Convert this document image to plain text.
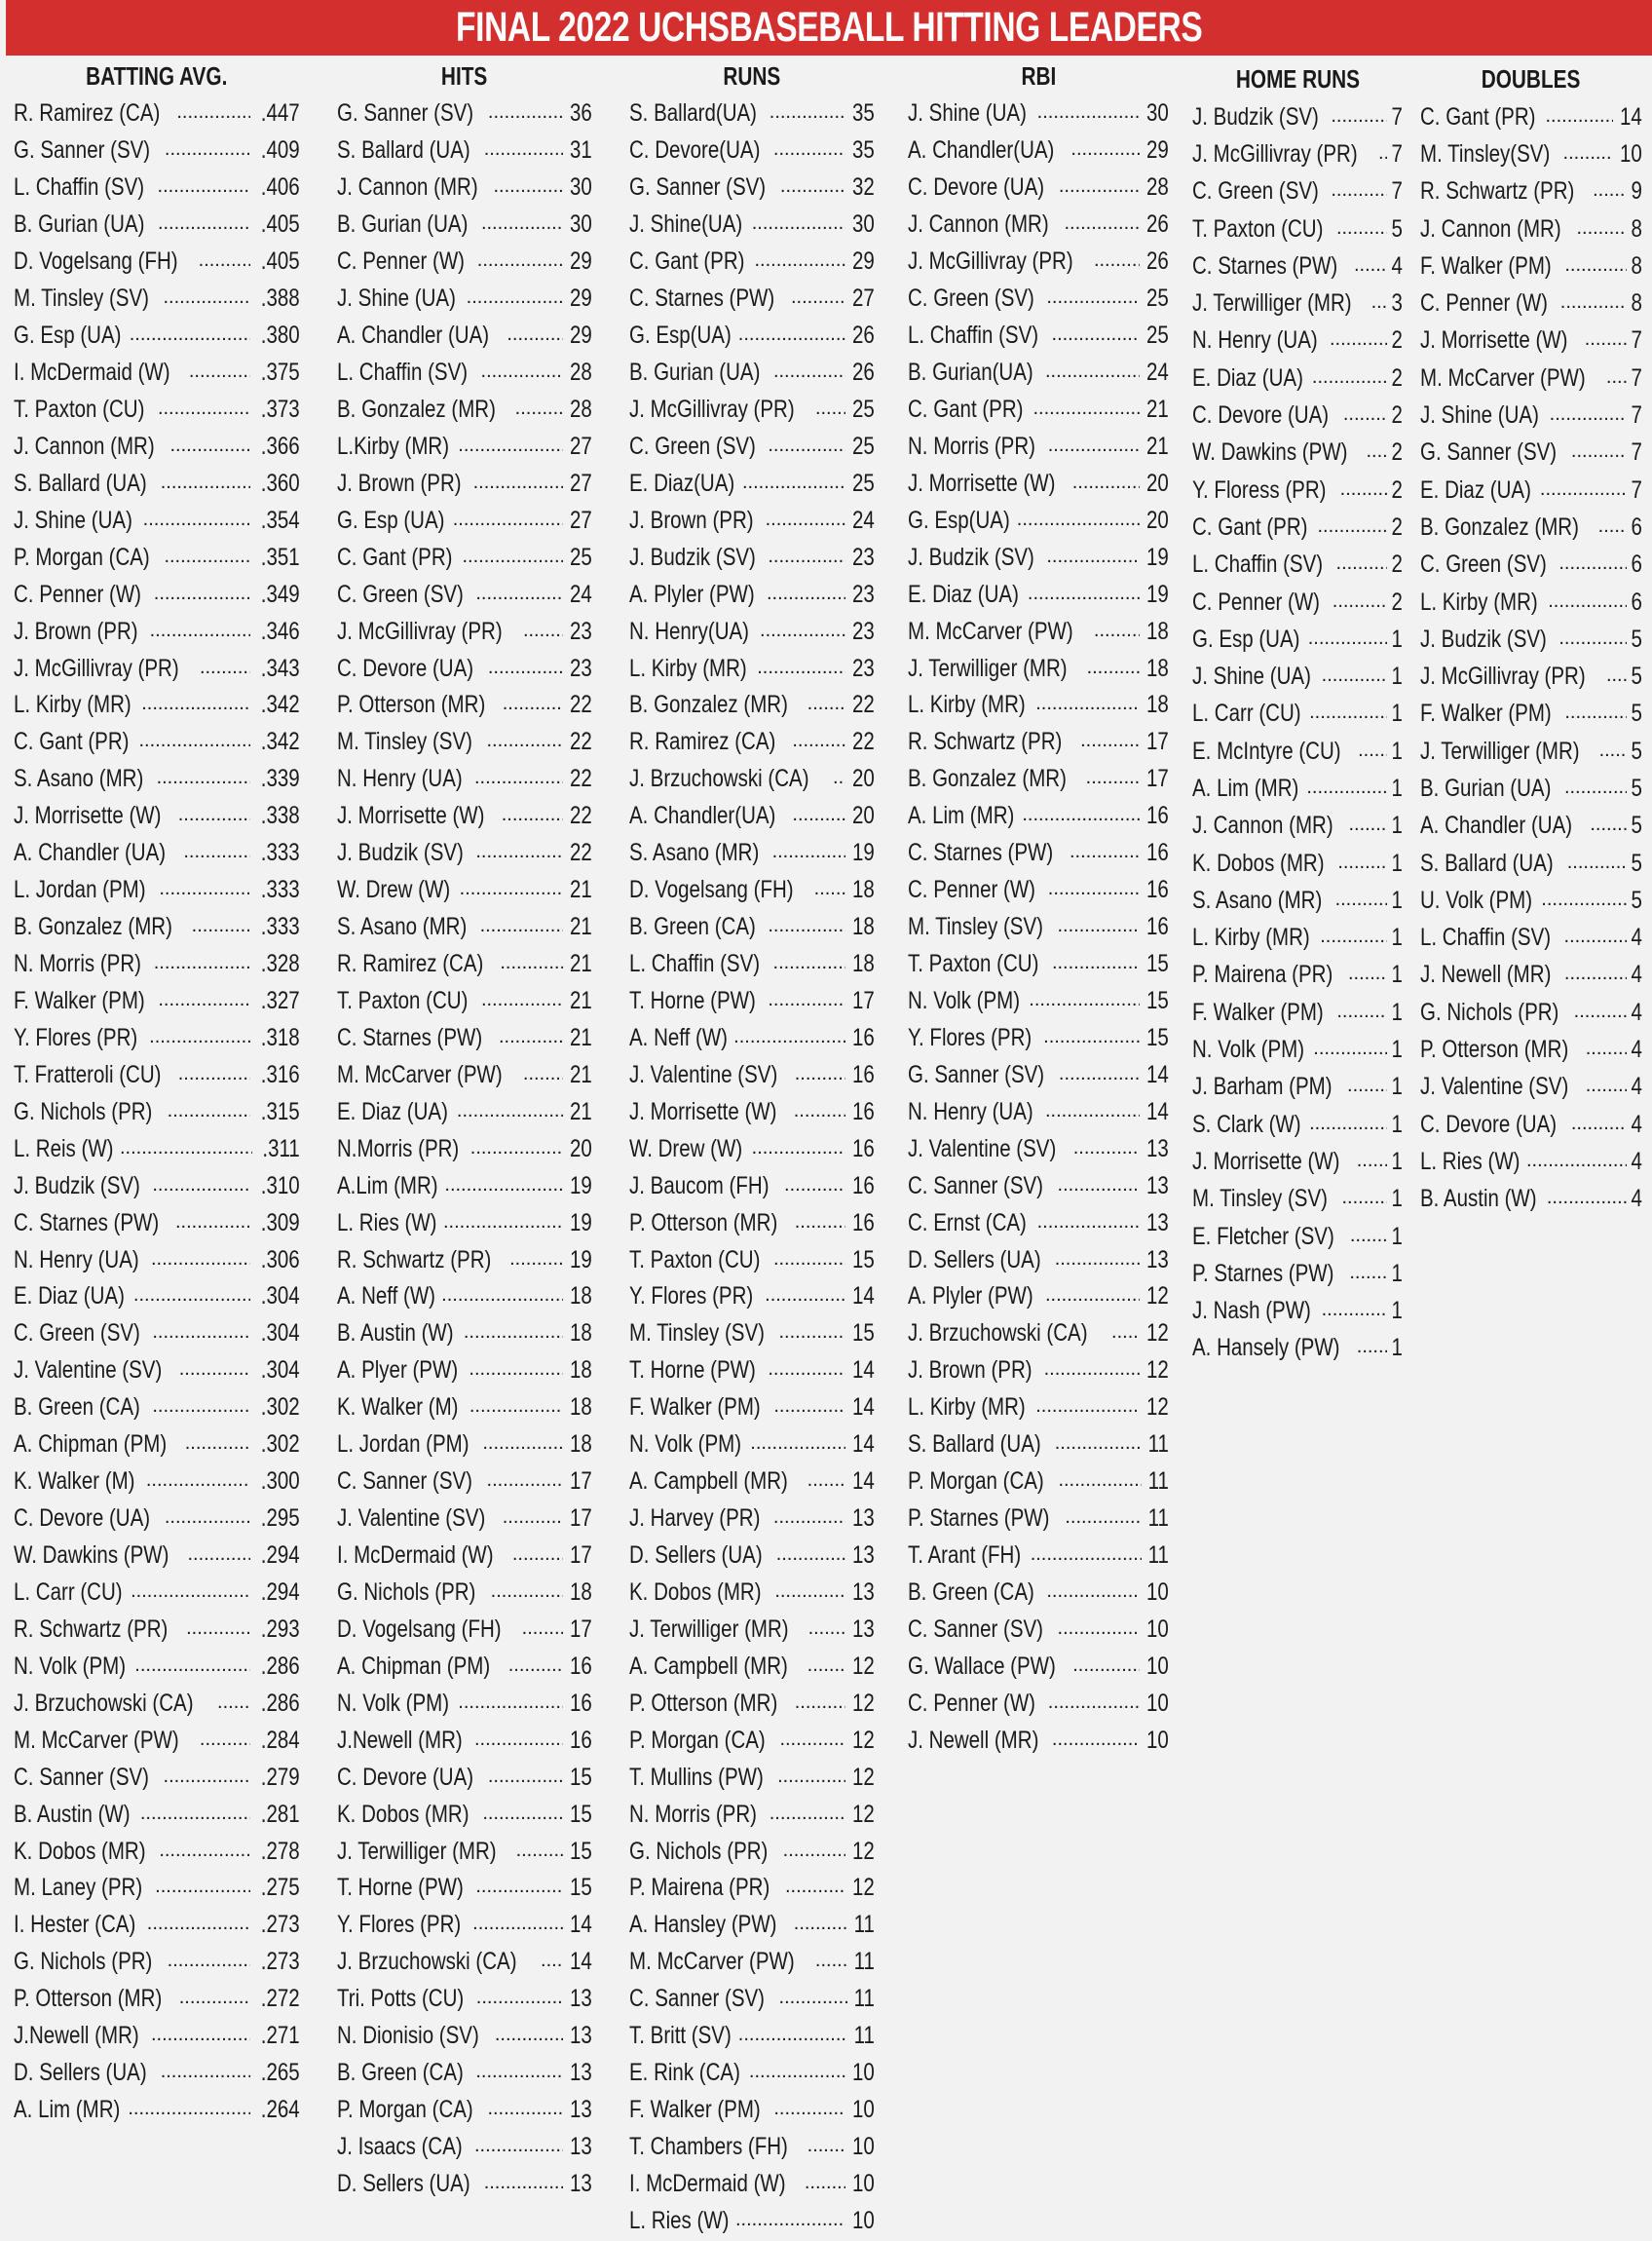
FINAL 2022 UCHSBASEBALL HITTING LEADERS
BATTING AVG.
R. Ramirez (CA) .....	.447
G. Sanner (SV) .....	.409
L. Chaffin (SV) .....	.406
B. Gurian (UA) .....	.405
D. Vogelsang (FH) .....	.405
M. Tinsley (SV) .....	.388
G. Esp (UA) .....	.380
I. McDermaid (W) .....	.375
T. Paxton (CU) .....	.373
J. Cannon (MR) .....	.366
S. Ballard (UA) .....	.360
J. Shine (UA) .....	.354
P. Morgan (CA) .....	.351
C. Penner (W) .....	.349
J. Brown (PR) .....	.346
J. McGillivray (PR) .....	.343
L. Kirby (MR) .....	.342
C. Gant (PR) .....	.342
S. Asano (MR) .....	.339
J. Morrisette (W) .....	.338
A. Chandler (UA) .....	.333
L. Jordan (PM) .....	.333
B. Gonzalez (MR) .....	.333
N. Morris (PR) .....	.328
F. Walker (PM) .....	.327
Y. Flores (PR) .....	.318
T. Fratteroli (CU) .....	.316
G. Nichols (PR) .....	.315
L. Reis (W) .....	.311
J. Budzik (SV) .....	.310
C. Starnes (PW) .....	.309
N. Henry (UA) .....	.306
E. Diaz (UA) .....	.304
C. Green (SV) .....	.304
J. Valentine (SV) .....	.304
B. Green (CA) .....	.302
A. Chipman (PM) .....	.302
K. Walker (M) .....	.300
C. Devore (UA) .....	.295
W. Dawkins (PW) .....	.294
L. Carr (CU) .....	.294
R. Schwartz (PR) .....	.293
N. Volk (PM) .....	.286
J. Brzuchowski (CA) .....	.286
M. McCarver (PW) .....	.284
C. Sanner (SV) .....	.279
B. Austin (W) .....	.281
K. Dobos (MR) .....	.278
M. Laney (PR) .....	.275
I. Hester (CA) .....	.273
G. Nichols (PR) .....	.273
P. Otterson (MR) .....	.272
J.Newell (MR) .....	.271
D. Sellers (UA) .....	.265
A. Lim (MR) .....	.264
HITS
G. Sanner (SV) .....	36
S. Ballard (UA) .....	31
J. Cannon (MR) .....	30
B. Gurian (UA) .....	30
C. Penner (W) .....	29
J. Shine (UA) .....	29
A. Chandler (UA) .....	29
L. Chaffin (SV) .....	28
B. Gonzalez (MR) .....	28
L.Kirby (MR) .....	27
J. Brown (PR) .....	27
G. Esp (UA) .....	27
C. Gant (PR) .....	25
C. Green (SV) .....	24
J. McGillivray (PR) .....	23
C. Devore (UA) .....	23
P. Otterson (MR) .....	22
M. Tinsley (SV) .....	22
N. Henry (UA) .....	22
J. Morrisette (W) .....	22
J. Budzik (SV) .....	22
W. Drew (W) .....	21
S. Asano (MR) .....	21
R. Ramirez (CA) .....	21
T. Paxton (CU) .....	21
C. Starnes (PW) .....	21
M. McCarver (PW) .....	21
E. Diaz (UA) .....	21
N.Morris (PR) .....	20
A.Lim (MR) .....	19
L. Ries (W) .....	19
R. Schwartz (PR) .....	19
A. Neff (W) .....	18
B. Austin (W) .....	18
A. Plyer (PW) .....	18
K. Walker (M) .....	18
L. Jordan (PM) .....	18
C. Sanner (SV) .....	17
J. Valentine (SV) .....	17
I. McDermaid (W) .....	17
G. Nichols (PR) .....	18
D. Vogelsang (FH) .....	17
A. Chipman (PM) .....	16
N. Volk (PM) .....	16
J.Newell (MR) .....	16
C. Devore (UA) .....	15
K. Dobos (MR) .....	15
J. Terwilliger (MR) .....	15
T. Horne (PW) .....	15
Y. Flores (PR) .....	14
J. Brzuchowski (CA) ..... 14
Tri. Potts (CU) .....	13
N. Dionisio (SV) .....	13
B. Green (CA) .....	13
P. Morgan (CA) .....	13
J. Isaacs (CA) .....	13
D. Sellers (UA) .....	13
RUNS
S. Ballard(UA) .....	35
C. Devore(UA) .....	35
G. Sanner (SV) .....	32
J. Shine(UA) .....	30
C. Gant (PR) .....	29
C. Starnes (PW) .....	27
G. Esp(UA) .....	26
B. Gurian (UA) .....	26
J. McGillivray (PR) ..... 25
C. Green (SV) .....	25
E. Diaz(UA) .....	25
J. Brown (PR) .....	24
J. Budzik (SV) .....	23
A. Plyler (PW) .....	23
N. Henry(UA) .....	23
L. Kirby (MR) .....	23
B. Gonzalez (MR) .....	22
R. Ramirez (CA) .....	22
J. Brzuchowski (CA) ..... 20
A. Chandler(UA) .....	20
S. Asano (MR) .....	19
D. Vogelsang (FH) ..... 18
B. Green (CA) .....	18
L. Chaffin (SV) .....	18
T. Horne (PW) .....	17
A. Neff (W) .....	16
J. Valentine (SV) .....	16
J. Morrisette (W) .....	16
W. Drew (W) .....	16
J. Baucom (FH) .....	16
P. Otterson (MR) .....	16
T. Paxton (CU) .....	15
Y. Flores (PR) .....	14
M. Tinsley (SV) .....	15
T. Horne (PW) .....	14
F. Walker (PM) .....	14
N. Volk (PM) .....	14
A. Campbell (MR) .....	14
J. Harvey (PR) .....	13
D. Sellers (UA) .....	13
K. Dobos (MR) .....	13
J. Terwilliger (MR) .....	13
A. Campbell (MR) .....	12
P. Otterson (MR) .....	12
P. Morgan (CA) .....	12
T. Mullins (PW) .....	12
N. Morris (PR) .....	12
G. Nichols (PR) .....	12
P. Mairena (PR) .....	12
A. Hansley (PW) .....	11
M. McCarver (PW) ..... 11
C. Sanner (SV) .....	11
T. Britt (SV) .....	11
E. Rink (CA) .....	10
F. Walker (PM) .....	10
T. Chambers (FH) .....	10
I. McDermaid (W) .....	10
L. Ries (W) .....	10
RBI
J. Shine (UA) .....	30
A. Chandler(UA) .....	29
C. Devore (UA) .....	28
J. Cannon (MR) .....	26
J. McGillivray (PR) .....	26
C. Green (SV) .....	25
L. Chaffin (SV) .....	25
B. Gurian(UA) .....	24
C. Gant (PR) .....	21
N. Morris (PR) .....	21
J. Morrisette (W) .....	20
G. Esp(UA) .....	20
J. Budzik (SV) .....	19
E. Diaz (UA) .....	19
M. McCarver (PW) .....	18
J. Terwilliger (MR) .....	18
L. Kirby (MR) .....	18
R. Schwartz (PR) .....	17
B. Gonzalez (MR) .....	17
A. Lim (MR) .....	16
C. Starnes (PW) .....	16
C. Penner (W) .....	16
M. Tinsley (SV) .....	16
T. Paxton (CU) .....	15
N. Volk (PM) .....	15
Y. Flores (PR) .....	15
G. Sanner (SV) .....	14
N. Henry (UA) .....	14
J. Valentine (SV) .....	13
C. Sanner (SV) .....	13
C. Ernst (CA) .....	13
D. Sellers (UA) .....	13
A. Plyler (PW) .....	12
J. Brzuchowski (CA) ..... 12
J. Brown (PR) .....	12
L. Kirby (MR) .....	12
S. Ballard (UA) .....	11
P. Morgan (CA) .....	11
P. Starnes (PW) .....	11
T. Arant (FH) .....	11
B. Green (CA) .....	10
C. Sanner (SV) .....	10
G. Wallace (PW) .....	10
C. Penner (W) .....	10
J. Newell (MR) .....	10
HOME RUNS
J. Budzik (SV) .....	7
J. McGillivray (PR) ..... 7
C. Green (SV) .....	7
T. Paxton (CU) .....	5
C. Starnes (PW) ..... 4
J. Terwilliger (MR) ..... 3
N. Henry (UA) .....	2
E. Diaz (UA) .....	2
C. Devore (UA) .....	2
W. Dawkins (PW) ..... 2
Y. Floress (PR) .....	2
C. Gant (PR) .....	2
L. Chaffin (SV) .....	2
C. Penner (W) .....	2
G. Esp (UA) .....	1
J. Shine (UA) .....	1
L. Carr (CU) .....	1
E. McIntyre (CU) ..... 1
A. Lim (MR) .....	1
J. Cannon (MR) ..... 1
K. Dobos (MR) .....	1
S. Asano (MR) .....	1
L. Kirby (MR) .....	1
P. Mairena (PR) ..... 1
F. Walker (PM) .....	1
N. Volk (PM) .....	1
J. Barham (PM) ..... 1
S. Clark (W) .....	1
J. Morrisette (W) ..... 1
M. Tinsley (SV) .....	1
E. Fletcher (SV) ..... 1
P. Starnes (PW) ..... 1
J. Nash (PW) .....	1
A. Hansely (PW) ..... 1
DOUBLES
C. Gant (PR) .....	14
M. Tinsley(SV) .....	10
R. Schwartz (PR) ..... 9
J. Cannon (MR) .....	8
F. Walker (PM) .....	8
C. Penner (W) .....	8
J. Morrisette (W) .....	7
M. McCarver (PW) ..... 7
J. Shine (UA) .....	7
G. Sanner (SV) .....	7
E. Diaz (UA) .....	7
B. Gonzalez (MR) ..... 6
C. Green (SV) .....	6
L. Kirby (MR) .....	6
J. Budzik (SV) .....	5
J. McGillivray (PR) ..... 5
F. Walker (PM) .....	5
J. Terwilliger (MR) ..... 5
B. Gurian (UA) .....	5
A. Chandler (UA) ..... 5
S. Ballard (UA) .....	5
U. Volk (PM) .....	5
L. Chaffin (SV) .....	4
J. Newell (MR) .....	4
G. Nichols (PR) .....	4
P. Otterson (MR) .....	4
J. Valentine (SV) .....	4
C. Devore (UA) .....	4
L. Ries (W) .....	4
B. Austin (W) .....	4
